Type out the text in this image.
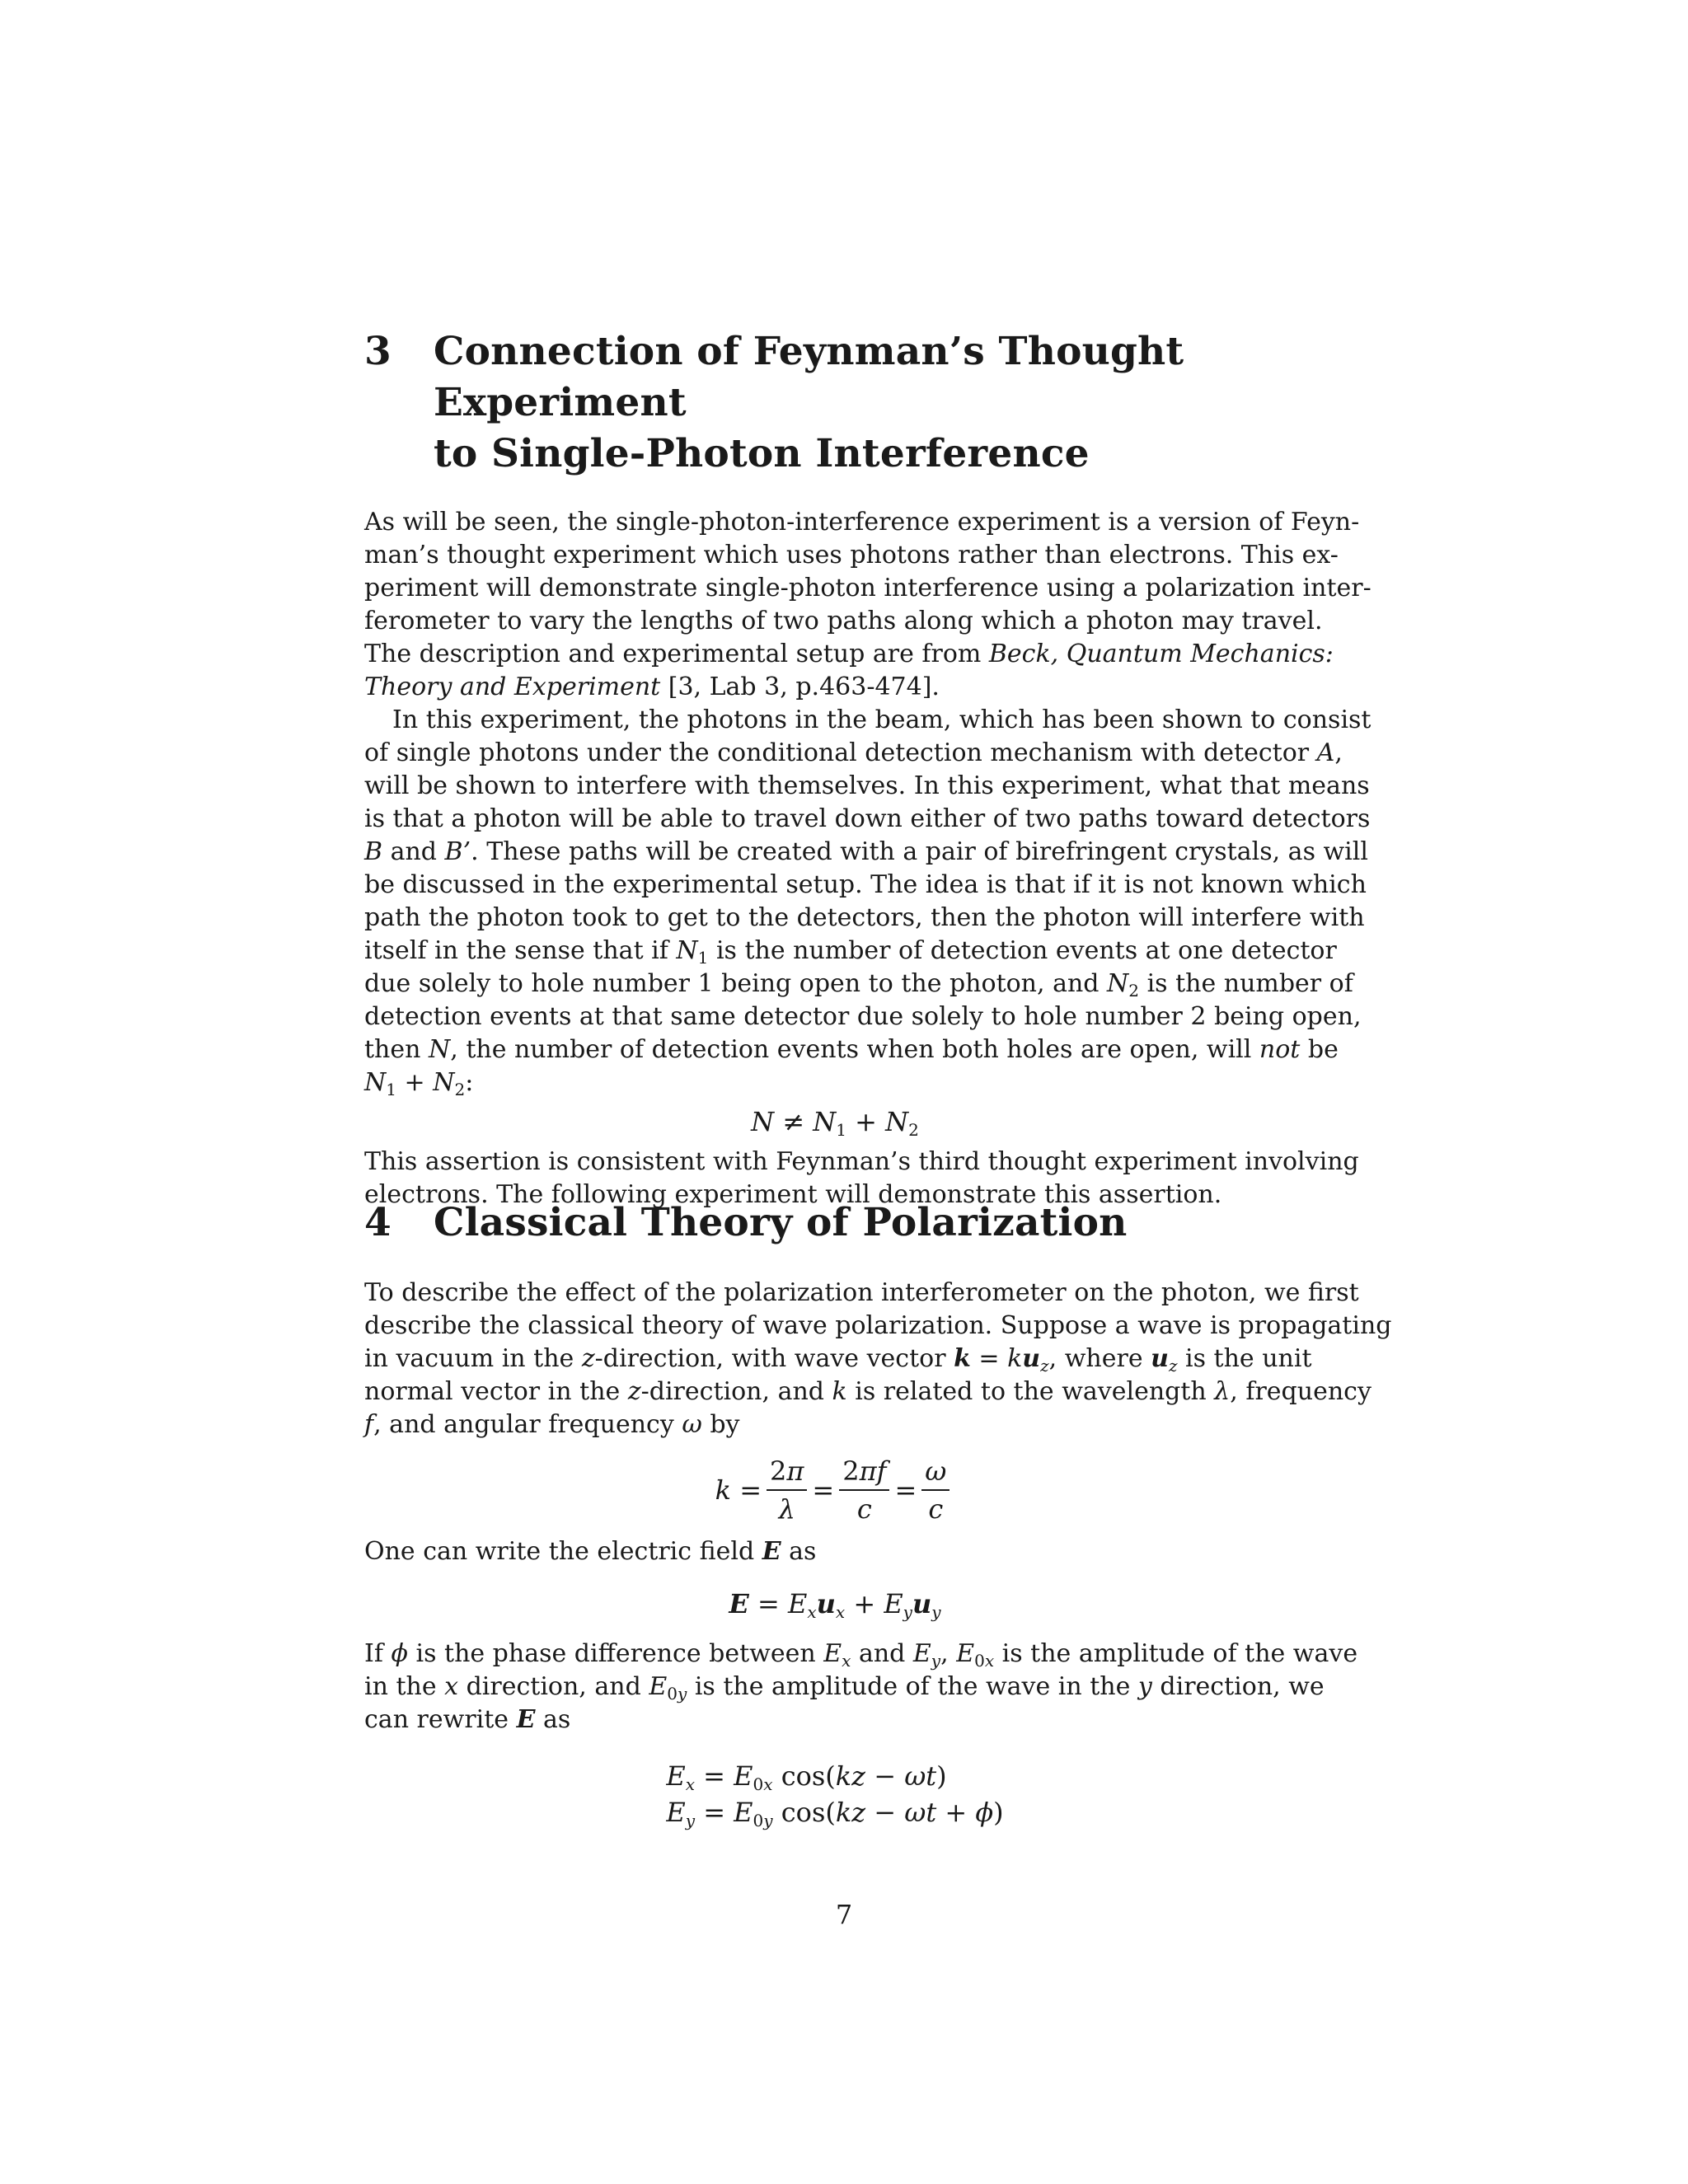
3	Connection of Feynman’s Thought Experiment
to Single-Photon Interference

As will be seen, the single-photon-interference experiment is a version of Feyn-
man’s thought experiment which uses photons rather than electrons. This ex-
periment will demonstrate single-photon interference using a polarization inter-
ferometer to vary the lengths of two paths along which a photon may travel.
The description and experimental setup are from Beck, Quantum Mechanics:
Theory and Experiment [3, Lab 3, p.463-474].

In this experiment, the photons in the beam, which has been shown to consist
of single photons under the conditional detection mechanism with detector A,
will be shown to interfere with themselves. In this experiment, what that means
is that a photon will be able to travel down either of two paths toward detectors
B and B’. These paths will be created with a pair of birefringent crystals, as will
be discussed in the experimental setup. The idea is that if it is not known which
path the photon took to get to the detectors, then the photon will interfere with
itself in the sense that if $N_1$ is the number of detection events at one detector
due solely to hole number 1 being open to the photon, and $N_2$ is the number of
detection events at that same detector due solely to hole number 2 being open,
then N, the number of detection events when both holes are open, will not be
$N_1 + N_2$:

$N \ne N_1 + N_2$

This assertion is consistent with Feynman’s third thought experiment involving
electrons. The following experiment will demonstrate this assertion.

4	Classical Theory of Polarization

To describe the effect of the polarization interferometer on the photon, we first
describe the classical theory of wave polarization. Suppose a wave is propagating
in vacuum in the z-direction, with wave vector $k = ku_z$, where $u_z$ is the unit
normal vector in the z-direction, and k is related to the wavelength λ, frequency
f, and angular frequency ω by

$k = \frac{2\pi}{\lambda} = \frac{2\pi f}{c} = \frac{\omega}{c}$

One can write the electric field E as

$E = E_xu_x + E_yu_y$

If ϕ is the phase difference between $E_x$ and $E_y$, $E_{0x}$ is the amplitude of the wave
in the x direction, and $E_{0y}$ is the amplitude of the wave in the y direction, we
can rewrite E as

$E_x = E_{0x}$ cos(kz − ωt)
$E_y = E_{0y}$ cos(kz − ωt + ϕ)
7
